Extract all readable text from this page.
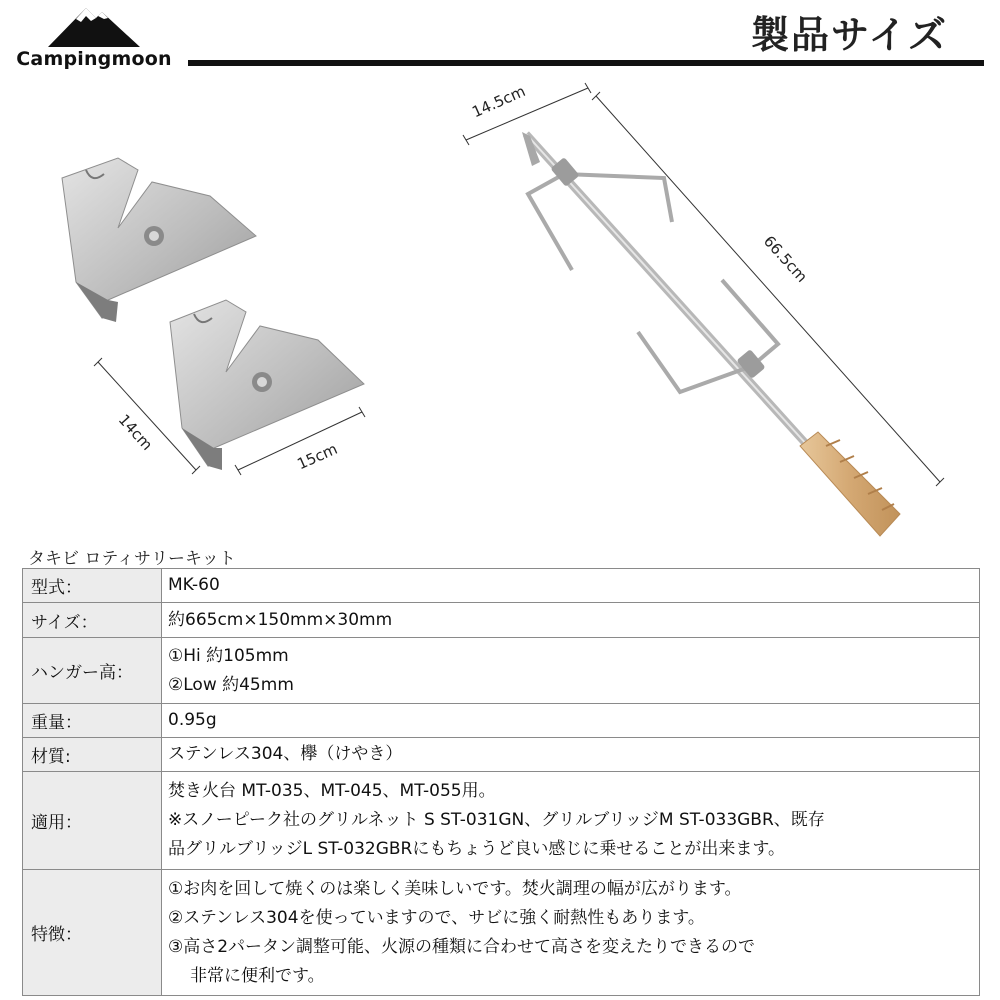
Campingmoon
製品サイズ
14cm
15cm
14.5cm
66.5cm
タキビ ロティサリーキット
型式：	MK-60

サイズ：	約665cm×150mm×30mm

ハンガー高：	①Hi 約105mm
②Low 約45mm

重量：	0.95g

材質:	ステンレス304、欅（けやき）

適用：	焚き火台 MT-035、MT-045、MT-055用。
※スノーピーク社のグリルネット S ST-031GN、グリルブリッジM ST-033GBR、既存
品グリルブリッジL ST-032GBRにもちょうど良い感じに乗せることが出来ます。

特徴：	①お肉を回して焼くのは楽しく美味しいです。焚火調理の幅が広がります。
②ステンレス304を使っていますので、サビに強く耐熱性もあります。
③高さ2パータン調整可能、火源の種類に合わせて高さを変えたりできるので
非常に便利です。
